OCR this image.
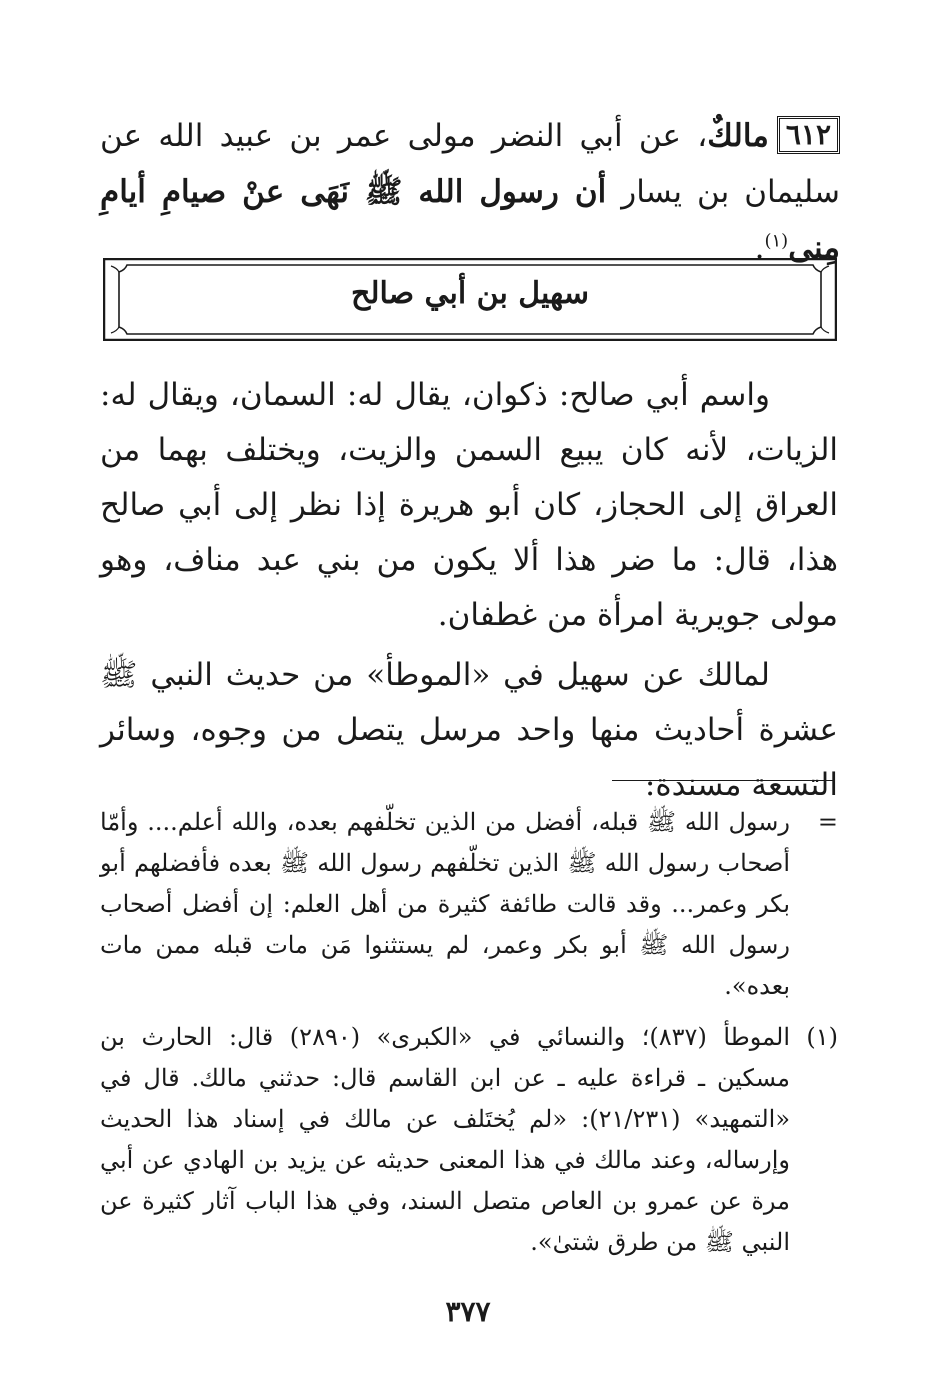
٦١٢مالكٌ، عن أبي النضر مولى عمر بن عبيد الله عن سليمان بن يسار أن رسول الله ﷺ نَهَى عنْ صيامِ أيامِ مِنى$^{(١)}$.
سهيل بن أبي صالح
واسم أبي صالح: ذكوان، يقال له: السمان، ويقال له: الزيات، لأنه كان يبيع السمن والزيت، ويختلف بهما من العراق إلى الحجاز، كان أبو هريرة إذا نظر إلى أبي صالح هذا، قال: ما ضر هذا ألا يكون من بني عبد مناف، وهو مولى جويرية امرأة من غطفان.
لمالك عن سهيل في «الموطأ» من حديث النبي ﷺ عشرة أحاديث منها واحد مرسل يتصل من وجوه، وسائر التسعة مسندة:
=
رسول الله ﷺ قبله، أفضل من الذين تخلّفهم بعده، والله أعلم.... وأمّا أصحاب رسول الله ﷺ الذين تخلّفهم رسول الله ﷺ بعده فأفضلهم أبو بكر وعمر... وقد قالت طائفة كثيرة من أهل العلم: إن أفضل أصحاب رسول الله ﷺ أبو بكر وعمر، لم يستثنوا مَن مات قبله ممن مات بعده».
(١)
الموطأ (٨٣٧)؛ والنسائي في «الكبرى» (٢٨٩٠) قال: الحارث بن مسكين ـ قراءة عليه ـ عن ابن القاسم قال: حدثني مالك. قال في «التمهيد» (٢١/٢٣١): «لم يُختَلف عن مالك في إسناد هذا الحديث وإرساله، وعند مالك في هذا المعنى حديثه عن يزيد بن الهادي عن أبي مرة عن عمرو بن العاص متصل السند، وفي هذا الباب آثار كثيرة عن النبي ﷺ من طرق شتىٰ».
٣٧٧
